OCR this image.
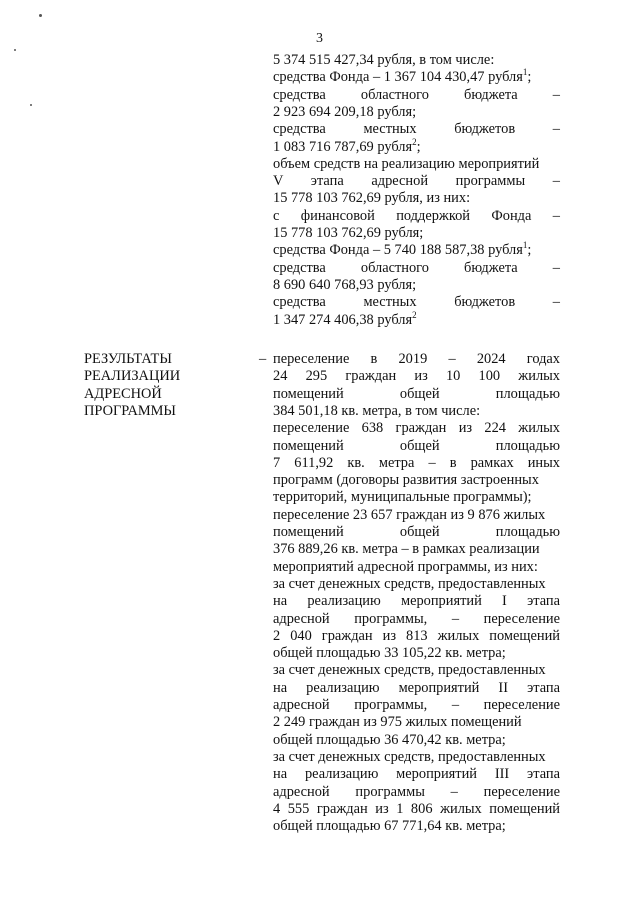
3
5 374 515 427,34 рубля, в том числе:
средства Фонда – 1 367 104 430,47 рубля$^1$;
средства областного бюджета –
2 923 694 209,18 рубля;
средства местных бюджетов –
1 083 716 787,69 рубля$^2$;
объем средств на реализацию мероприятий
V этапа адресной программы –
15 778 103 762,69 рубля, из них:
с финансовой поддержкой Фонда –
15 778 103 762,69 рубля;
средства Фонда – 5 740 188 587,38 рубля$^1$;
средства областного бюджета –
8 690 640 768,93 рубля;
средства местных бюджетов –
1 347 274 406,38 рубля$^2$
РЕЗУЛЬТАТЫ
РЕАЛИЗАЦИИ
АДРЕСНОЙ
ПРОГРАММЫ
– переселение в 2019 – 2024 годах
24 295 граждан из 10 100 жилых
помещений общей площадью
384 501,18 кв. метра, в том числе:
переселение 638 граждан из 224 жилых
помещений общей площадью
7 611,92 кв. метра – в рамках иных
программ (договоры развития застроенных
территорий, муниципальные программы);
переселение 23 657 граждан из 9 876 жилых
помещений общей площадью
376 889,26 кв. метра – в рамках реализации
мероприятий адресной программы, из них:
за счет денежных средств, предоставленных
на реализацию мероприятий I этапа
адресной программы, – переселение
2 040 граждан из 813 жилых помещений
общей площадью 33 105,22 кв. метра;
за счет денежных средств, предоставленных
на реализацию мероприятий II этапа
адресной программы, – переселение
2 249 граждан из 975 жилых помещений
общей площадью 36 470,42 кв. метра;
за счет денежных средств, предоставленных
на реализацию мероприятий III этапа
адресной программы – переселение
4 555 граждан из 1 806 жилых помещений
общей площадью 67 771,64 кв. метра;
